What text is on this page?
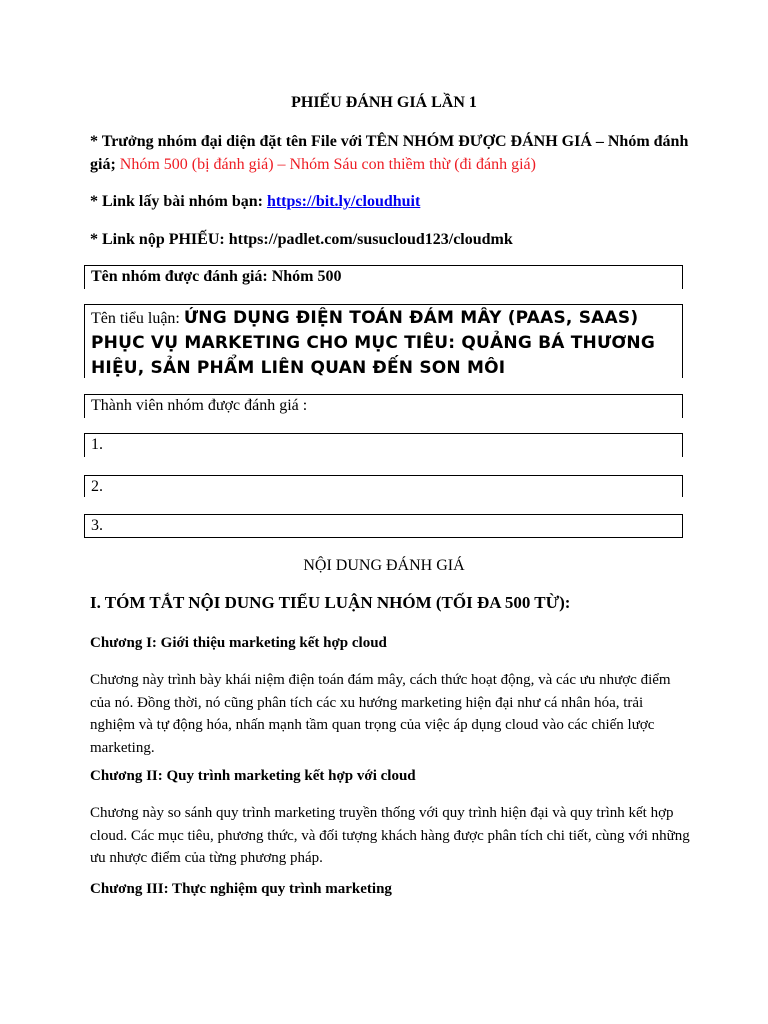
PHIẾU ĐÁNH GIÁ LẦN 1
* Trưởng nhóm đại diện đặt tên File với TÊN NHÓM ĐƯỢC ĐÁNH GIÁ – Nhóm đánh giá; Nhóm 500 (bị đánh giá) – Nhóm Sáu con thiềm thừ (đi đánh giá)
* Link lấy bài nhóm bạn: https://bit.ly/cloudhuit
* Link nộp PHIẾU: https://padlet.com/susucloud123/cloudmk
Tên nhóm được đánh giá: Nhóm 500
Tên tiểu luận: ỨNG DỤNG ĐIỆN TOÁN ĐÁM MÂY (PAAS, SAAS) PHỤC VỤ MARKETING CHO MỤC TIÊU: QUẢNG BÁ THƯƠNG HIỆU, SẢN PHẨM LIÊN QUAN ĐẾN SON MÔI
Thành viên nhóm được đánh giá :
1.
2.
3.
NỘI DUNG ĐÁNH GIÁ
I. TÓM TẮT NỘI DUNG TIỂU LUẬN NHÓM (TỐI ĐA 500 TỪ):
Chương I: Giới thiệu marketing kết hợp cloud
Chương này trình bày khái niệm điện toán đám mây, cách thức hoạt động, và các ưu nhược điểm của nó. Đồng thời, nó cũng phân tích các xu hướng marketing hiện đại như cá nhân hóa, trải nghiệm và tự động hóa, nhấn mạnh tầm quan trọng của việc áp dụng cloud vào các chiến lược marketing.
Chương II: Quy trình marketing kết hợp với cloud
Chương này so sánh quy trình marketing truyền thống với quy trình hiện đại và quy trình kết hợp cloud. Các mục tiêu, phương thức, và đối tượng khách hàng được phân tích chi tiết, cùng với những ưu nhược điểm của từng phương pháp.
Chương III: Thực nghiệm quy trình marketing
